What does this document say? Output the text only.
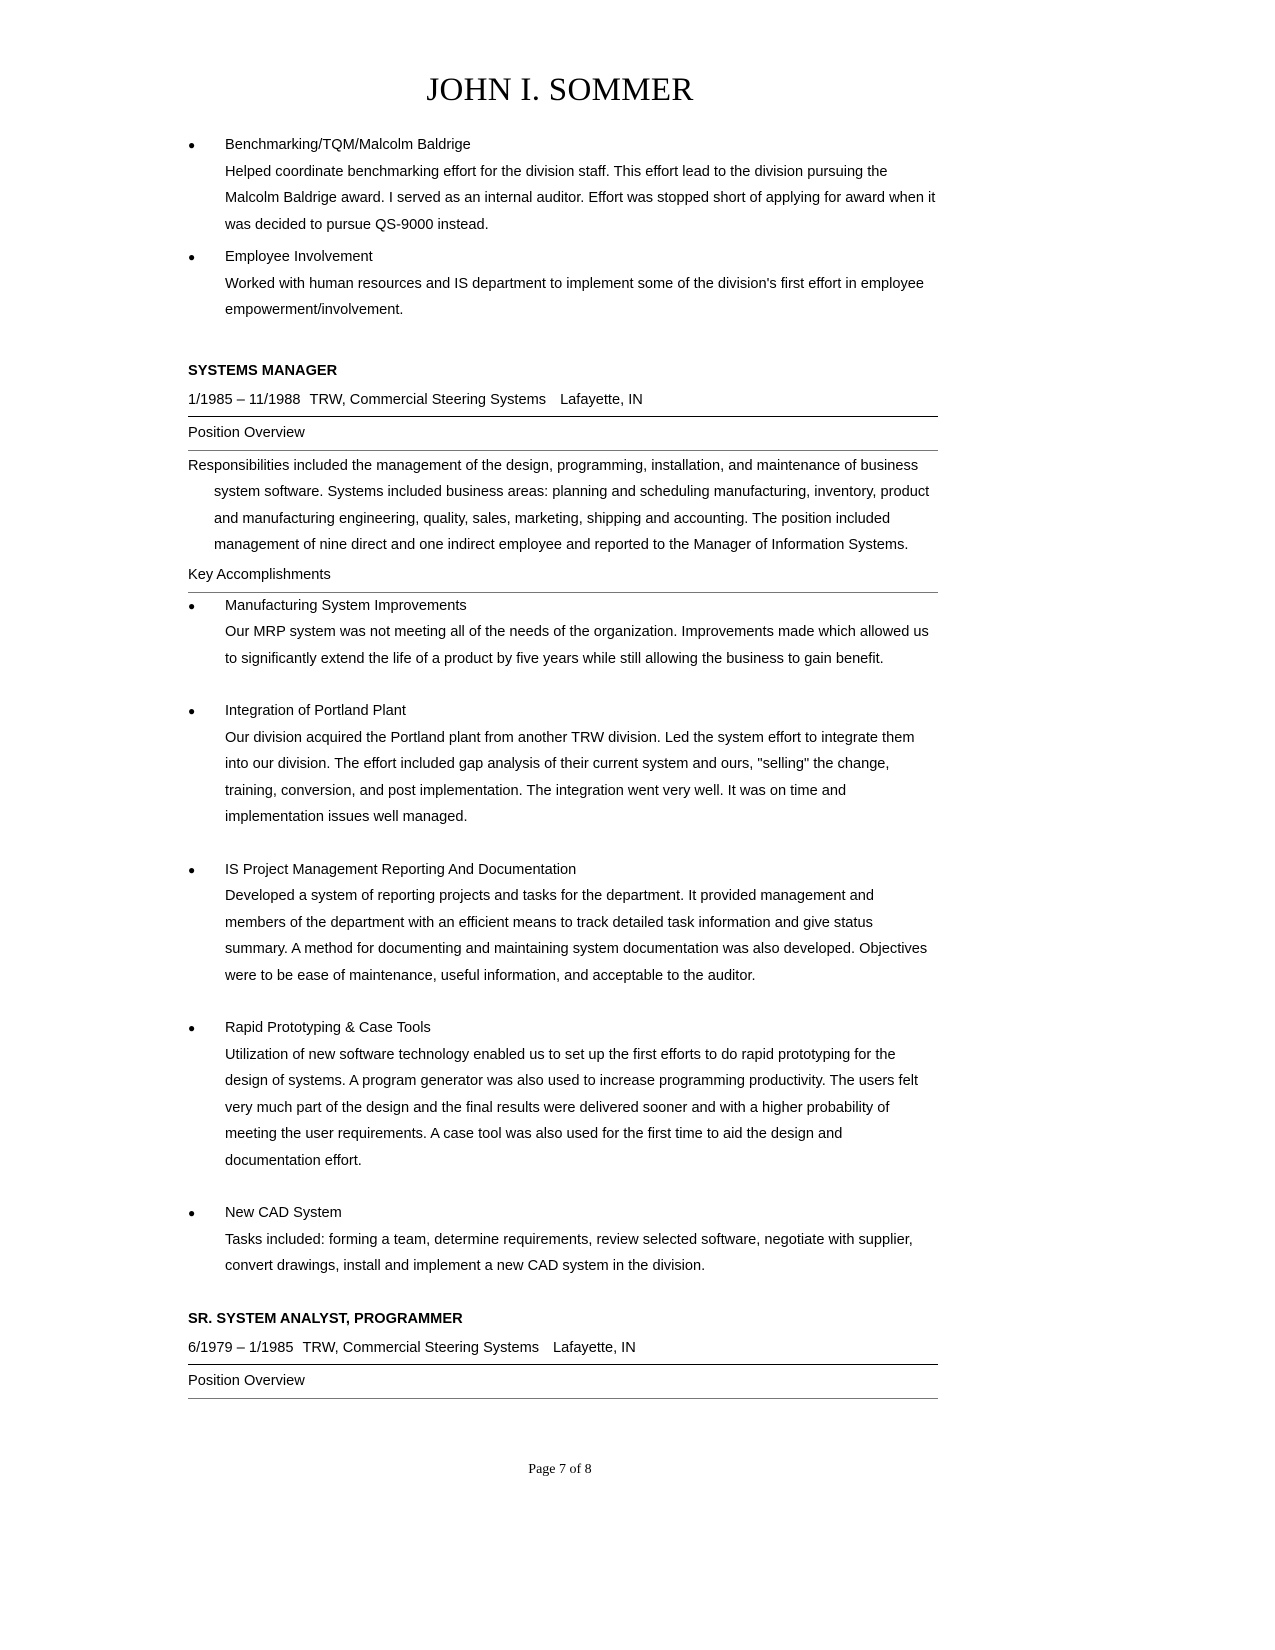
JOHN I. SOMMER
● Benchmarking/TQM/Malcolm Baldrige
Helped coordinate benchmarking effort for the division staff. This effort lead to the division pursuing the Malcolm Baldrige award. I served as an internal auditor. Effort was stopped short of applying for award when it was decided to pursue QS-9000 instead.
● Employee Involvement
Worked with human resources and IS department to implement some of the division's first effort in employee empowerment/involvement.
SYSTEMS MANAGER
1/1985 – 11/1988 TRW, Commercial Steering Systems Lafayette, IN
Position Overview
Responsibilities included the management of the design, programming, installation, and maintenance of business system software. Systems included business areas: planning and scheduling manufacturing, inventory, product and manufacturing engineering, quality, sales, marketing, shipping and accounting. The position included management of nine direct and one indirect employee and reported to the Manager of Information Systems.
Key Accomplishments
● Manufacturing System Improvements
Our MRP system was not meeting all of the needs of the organization. Improvements made which allowed us to significantly extend the life of a product by five years while still allowing the business to gain benefit.
● Integration of Portland Plant
Our division acquired the Portland plant from another TRW division. Led the system effort to integrate them into our division. The effort included gap analysis of their current system and ours, "selling" the change, training, conversion, and post implementation. The integration went very well. It was on time and implementation issues well managed.
● IS Project Management Reporting And Documentation
Developed a system of reporting projects and tasks for the department. It provided management and members of the department with an efficient means to track detailed task information and give status summary. A method for documenting and maintaining system documentation was also developed. Objectives were to be ease of maintenance, useful information, and acceptable to the auditor.
● Rapid Prototyping & Case Tools
Utilization of new software technology enabled us to set up the first efforts to do rapid prototyping for the design of systems. A program generator was also used to increase programming productivity. The users felt very much part of the design and the final results were delivered sooner and with a higher probability of meeting the user requirements. A case tool was also used for the first time to aid the design and documentation effort.
● New CAD System
Tasks included: forming a team, determine requirements, review selected software, negotiate with supplier, convert drawings, install and implement a new CAD system in the division.
SR. SYSTEM ANALYST, PROGRAMMER
6/1979 – 1/1985 TRW, Commercial Steering Systems Lafayette, IN
Position Overview
Page 7 of 8
